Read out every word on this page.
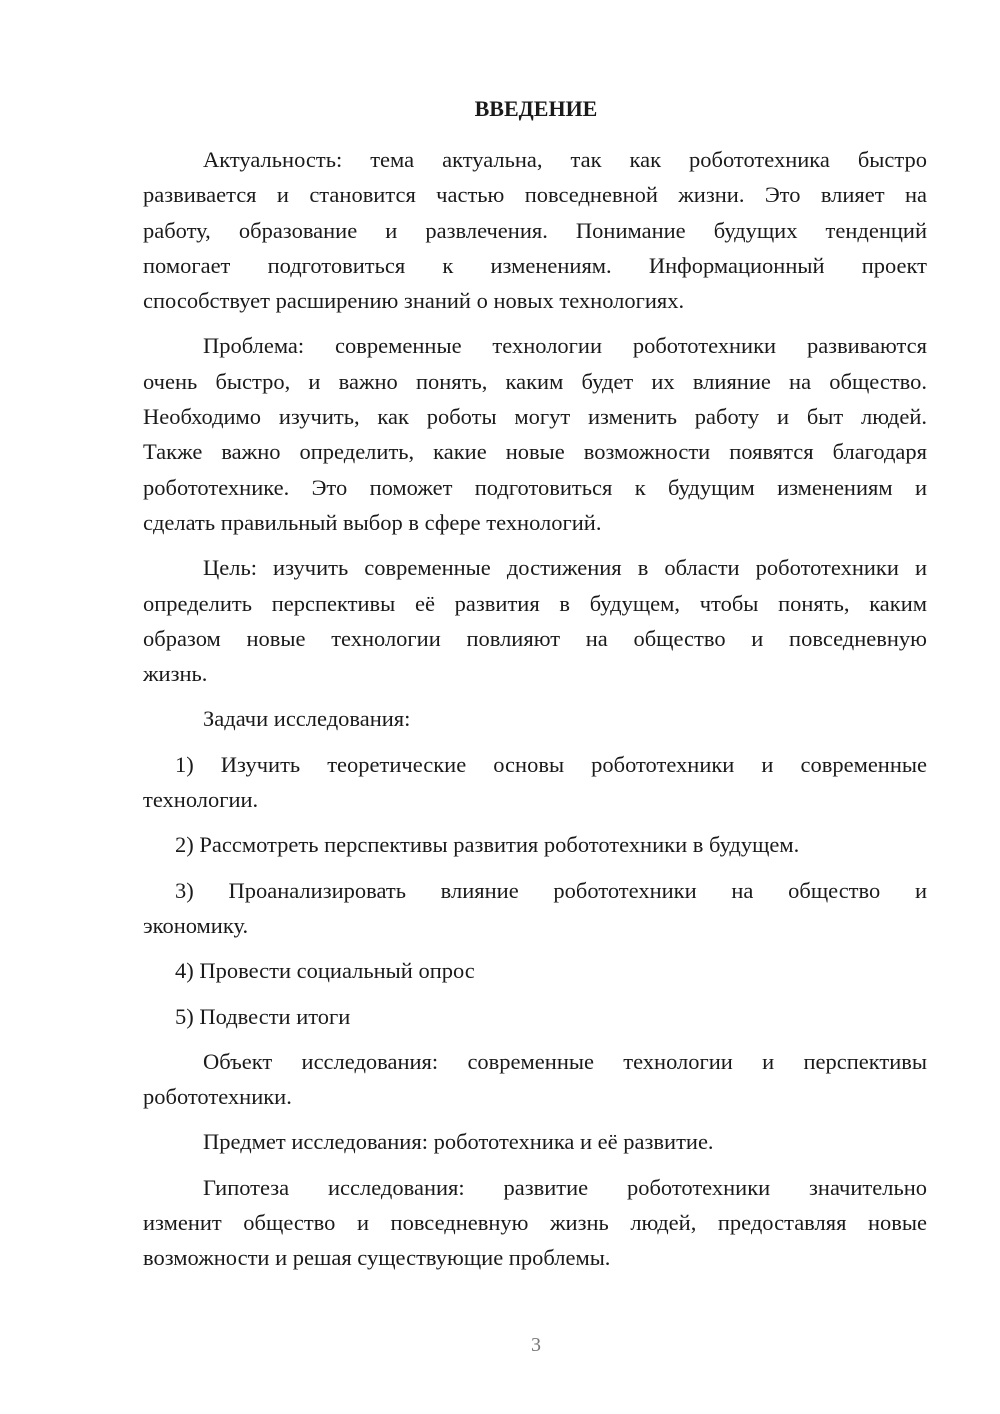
ВВЕДЕНИЕ
Актуальность: тема актуальна, так как робототехника быстро
развивается и становится частью повседневной жизни. Это влияет на
работу, образование и развлечения. Понимание будущих тенденций
помогает подготовиться к изменениям. Информационный проект
способствует расширению знаний о новых технологиях.
Проблема: современные технологии робототехники развиваются
очень быстро, и важно понять, каким будет их влияние на общество.
Необходимо изучить, как роботы могут изменить работу и быт людей.
Также важно определить, какие новые возможности появятся благодаря
робототехнике. Это поможет подготовиться к будущим изменениям и
сделать правильный выбор в сфере технологий.
Цель: изучить современные достижения в области робототехники и
определить перспективы её развития в будущем, чтобы понять, каким
образом новые технологии повлияют на общество и повседневную
жизнь.
Задачи исследования:
1) Изучить теоретические основы робототехники и современные
технологии.
2) Рассмотреть перспективы развития робототехники в будущем.
3) Проанализировать влияние робототехники на общество и
экономику.
4) Провести социальный опрос
5) Подвести итоги
Объект исследования: современные технологии и перспективы
робототехники.
Предмет исследования: робототехника и её развитие.
Гипотеза исследования: развитие робототехники значительно
изменит общество и повседневную жизнь людей, предоставляя новые
возможности и решая существующие проблемы.
3
